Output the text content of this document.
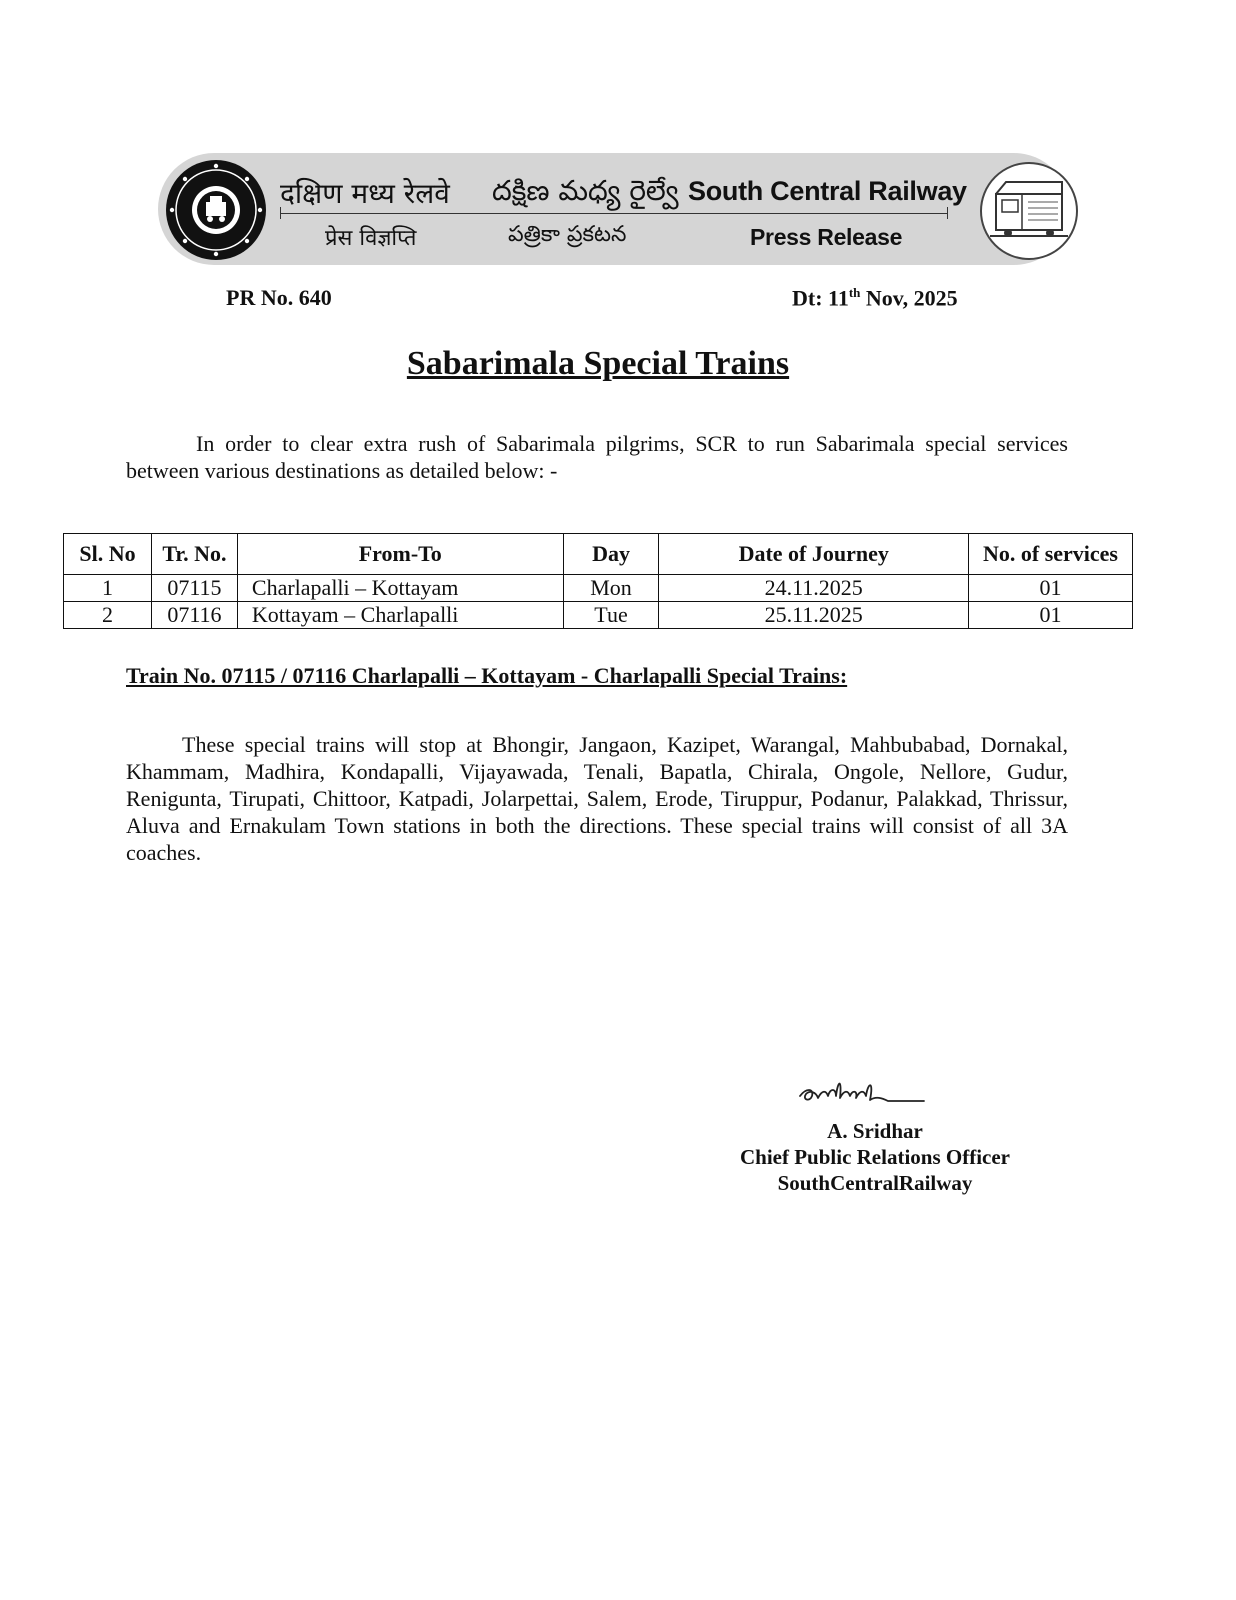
दक्षिण मध्य रेलवे దక్షిణ మధ్య రైల్వే South Central Railway
प्रेस विज्ञप्ति	పత్రికా ప్రకటన	Press Release
PR No. 640	Dt: 11th Nov, 2025
Sabarimala Special Trains

In order to clear extra rush of Sabarimala pilgrims, SCR to run Sabarimala special services between various destinations as detailed below: -

Sl. No	Tr. No.	From-To	Day	Date of Journey	No. of services
1	07115	Charlapalli – Kottayam	Mon	24.11.2025	01
2	07116	Kottayam – Charlapalli	Tue	25.11.2025	01
Train No. 07115 / 07116 Charlapalli – Kottayam - Charlapalli Special Trains:

These special trains will stop at Bhongir, Jangaon, Kazipet, Warangal, Mahbubabad, Dornakal, Khammam, Madhira, Kondapalli, Vijayawada, Tenali, Bapatla, Chirala, Ongole, Nellore, Gudur, Renigunta, Tirupati, Chittoor, Katpadi, Jolarpettai, Salem, Erode, Tiruppur, Podanur, Palakkad, Thrissur, Aluva and Ernakulam Town stations in both the directions. These special trains will consist of all 3A coaches.

A. Sridhar
Chief Public Relations Officer
SouthCentralRailway
